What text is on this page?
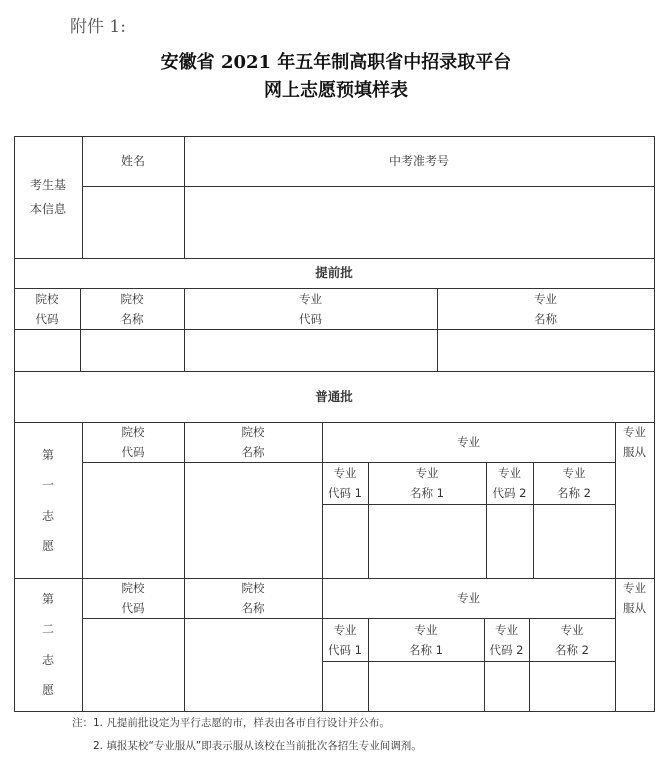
附件 1:
安徽省 2021 年五年制高职省中招录取平台
网上志愿预填样表
考生基
本信息
姓名	中考准考号
提前批
院校
代码
院校
名称
专业
代码
专业
名称
普通批
第
一
志
愿
院校
代码
院校
名称
专业
专业
服从
专业
代码 1
专业
名称 1
专业
代码 2
专业
名称 2
第
二
志
愿
院校
代码
院校
名称
专业
专业
服从
专业
代码 1
专业
名称 1
专业
代码 2
专业
名称 2
注：1. 凡提前批设定为平行志愿的市，样表由各市自行设计并公布。
2. 填报某校“专业服从”即表示服从该校在当前批次各招生专业间调剂。
